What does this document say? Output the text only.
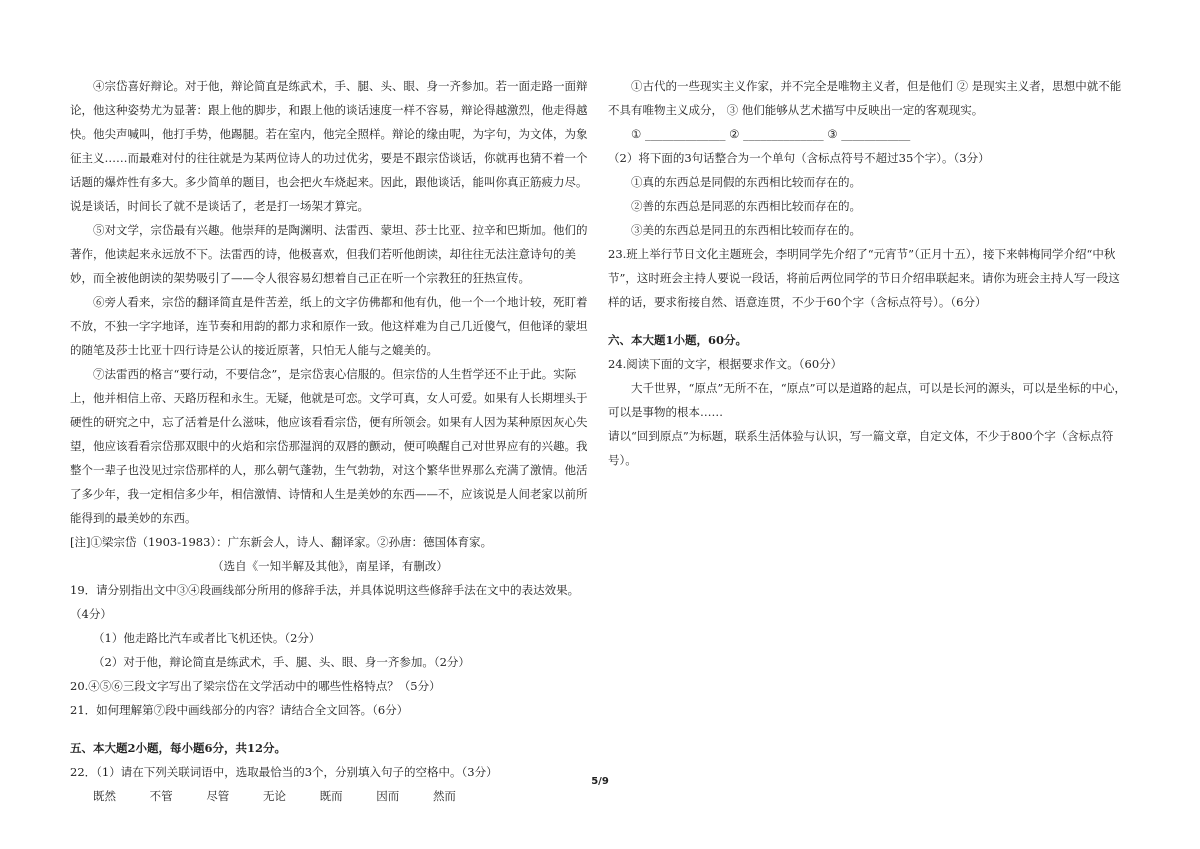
④宗岱喜好辩论。对于他，辩论简直是练武术，手、腿、头、眼、身一齐参加。若一面走路一面辩论，他这种姿势尤为显著：跟上他的脚步，和跟上他的谈话速度一样不容易，辩论得越激烈，他走得越快。他尖声喊叫，他打手势，他踢腿。若在室内，他完全照样。辩论的缘由呢，为字句，为文体，为象征主义……而最难对付的往往就是为某两位诗人的功过优劣，要是不跟宗岱谈话，你就再也猜不着一个话题的爆炸性有多大。多少简单的题目，也会把火车烧起来。因此，跟他谈话，能叫你真正筋疲力尽。说是谈话，时间长了就不是谈话了，老是打一场架才算完。

⑤对文学，宗岱最有兴趣。他崇拜的是陶渊明、法雷西、蒙坦、莎士比亚、拉辛和巴斯加。他们的著作，他读起来永远放不下。法雷西的诗，他极喜欢，但我们若听他朗读，却往往无法注意诗句的美妙，而全被他朗读的架势吸引了——令人很容易幻想着自己正在听一个宗教狂的狂热宣传。

⑥旁人看来，宗岱的翻译简直是件苦差，纸上的文字仿佛都和他有仇，他一个一个地计较，死盯着不放，不独一字字地译，连节奏和用韵的都力求和原作一致。他这样难为自己几近傻气，但他译的蒙坦的随笔及莎士比亚十四行诗是公认的接近原著，只怕无人能与之媲美的。

⑦法雷西的格言“要行动，不要信念”，是宗岱衷心信服的。但宗岱的人生哲学还不止于此。实际上，他并相信上帝、天路历程和永生。无疑，他就是可恋。文学可真，女人可爱。如果有人长期埋头于硬性的研究之中，忘了活着是什么滋味，他应该看看宗岱，便有所领会。如果有人因为某种原因灰心失望，他应该看看宗岱那双眼中的火焰和宗岱那湿润的双唇的颤动，便可唤醒自己对世界应有的兴趣。我整个一辈子也没见过宗岱那样的人，那么朝气蓬勃，生气勃勃，对这个繁华世界那么充满了激情。他活了多少年，我一定相信多少年，相信激情、诗情和人生是美妙的东西——不，应该说是人间老家以前所能得到的最美妙的东西。

[注]①梁宗岱（1903-1983）：广东新会人，诗人、翻译家。②孙唐：德国体育家。

（选自《一知半解及其他》，南星译，有删改）

19．请分别指出文中③④段画线部分所用的修辞手法，并具体说明这些修辞手法在文中的表达效果。（4分）

（1）他走路比汽车或者比飞机还快。（2分）

（2）对于他，辩论简直是练武术，手、腿、头、眼、身一齐参加。（2分）

20.④⑤⑥三段文字写出了梁宗岱在文学活动中的哪些性格特点？（5分）

21．如何理解第⑦段中画线部分的内容？请结合全文回答。（6分）

五、本大题2小题，每小题6分，共12分。

22．（1）请在下列关联词语中，选取最恰当的3个，分别填入句子的空格中。（3分）

既然	不管	尽管	无论	既而	因而	然而

①古代的一些现实主义作家，并不完全是唯物主义者，但是他们 ② 是现实主义者，思想中就不能不具有唯物主义成分， ③ 他们能够从艺术描写中反映出一定的客观现实。

① ______________ ② ______________ ③ ____________

（2）将下面的3句话整合为一个单句（含标点符号不超过35个字）。（3分）

①真的东西总是同假的东西相比较而存在的。

②善的东西总是同恶的东西相比较而存在的。

③美的东西总是同丑的东西相比较而存在的。

23.班上举行节日文化主题班会，李明同学先介绍了“元宵节”（正月十五），接下来韩梅同学介绍“中秋节”，这时班会主持人要说一段话，将前后两位同学的节日介绍串联起来。请你为班会主持人写一段这样的话，要求衔接自然、语意连贯，不少于60个字（含标点符号）。（6分）

六、本大题1小题，60分。

24.阅读下面的文字，根据要求作文。（60分）

大千世界，“原点”无所不在，“原点”可以是道路的起点，可以是长河的源头，可以是坐标的中心，可以是事物的根本……

请以“回到原点”为标题，联系生活体验与认识，写一篇文章，自定文体，不少于800个字（含标点符号）。

5/9
